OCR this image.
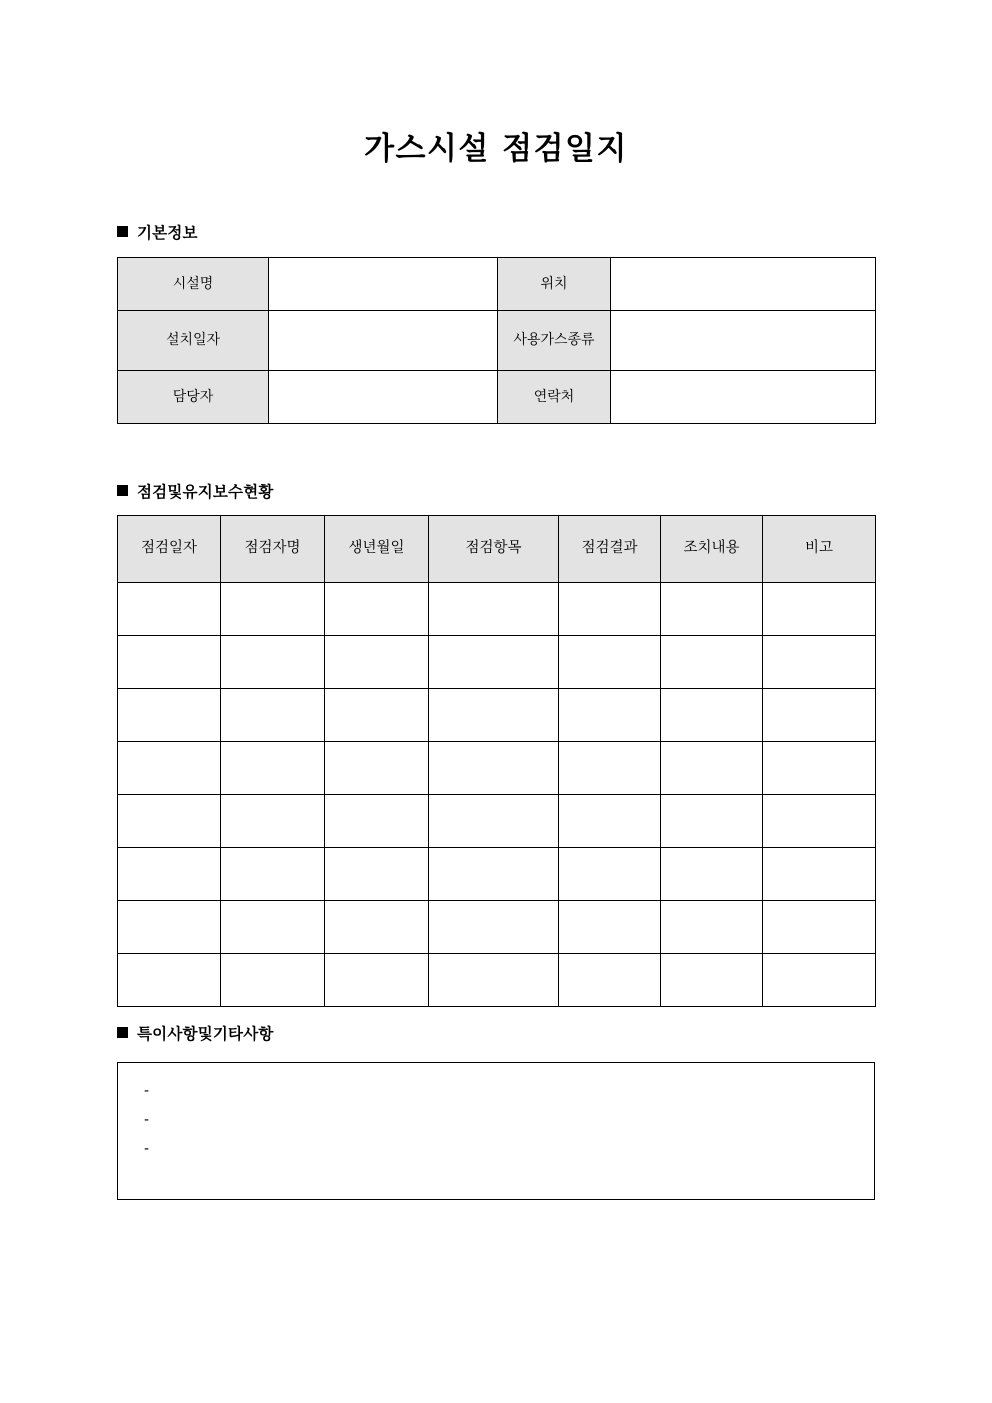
가스시설 점검일지
기본정보
시설명		위치	
설치일자		사용가스종류	
담당자		연락처	
점검및유지보수현황
점검일자	점검자명	생년월일	점검항목	점검결과	조치내용	비고

특이사항및기타사항
-
-
-
